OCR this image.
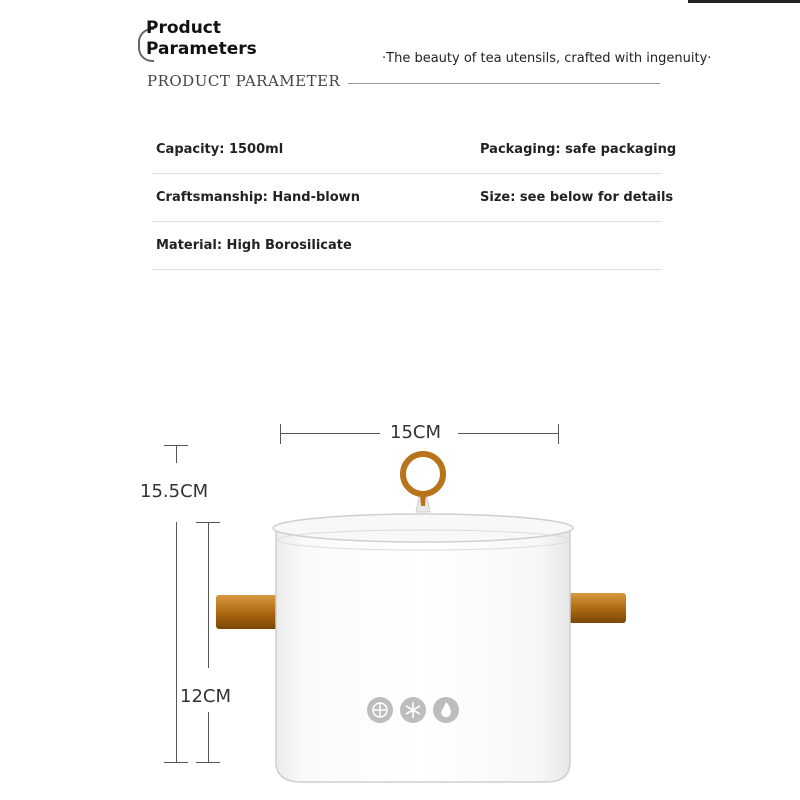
Product
Parameters	·The beauty of tea utensils, crafted with ingenuity·
PRODUCT PARAMETER
Capacity: 1500ml	Packaging: safe packaging
Craftsmanship: Hand-blown	Size: see below for details
Material: High Borosilicate
15CM
15.5CM
12CM
